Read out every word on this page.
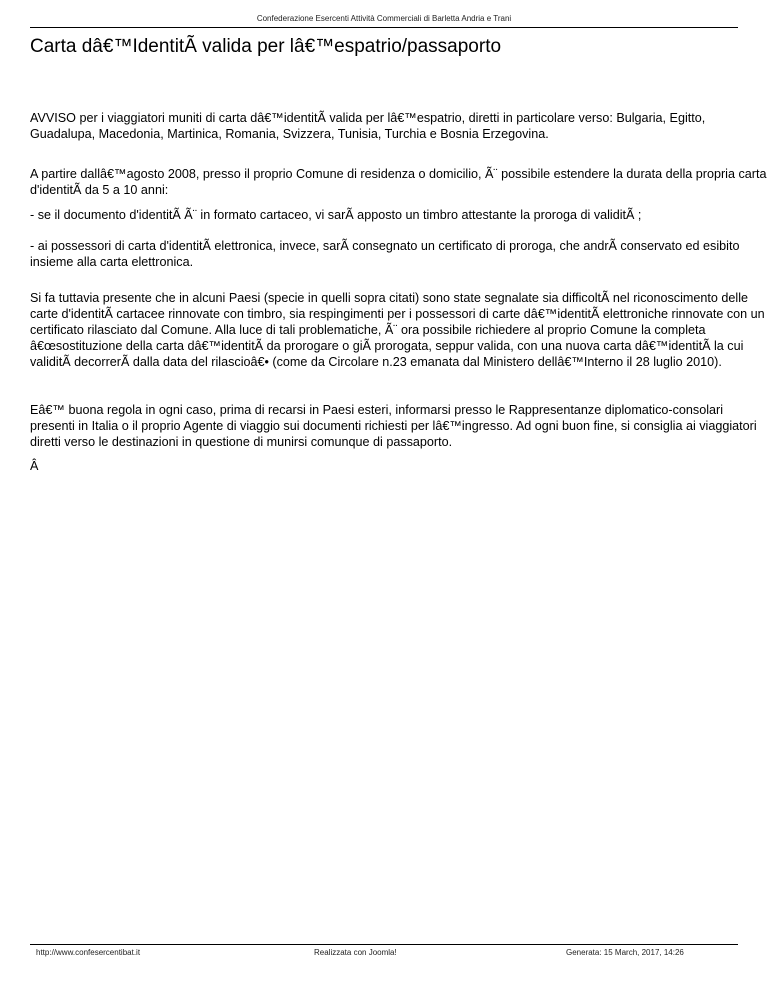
Confederazione Esercenti Attività Commerciali di Barletta Andria e Trani
Carta dâ€™IdentitÃ valida per lâ€™espatrio/passaporto

AVVISO per i viaggiatori muniti di carta dâ€™identitÃ valida per lâ€™espatrio, diretti in particolare verso: Bulgaria, Egitto, Guadalupa, Macedonia, Martinica, Romania, Svizzera, Tunisia, Turchia e Bosnia Erzegovina.

A partire dallâ€™agosto 2008, presso il proprio Comune di residenza o domicilio, Ã¨ possibile estendere la durata della propria carta d'identitÃ da 5 a 10 anni:

- se il documento d'identitÃ Ã¨ in formato cartaceo, vi sarÃ apposto un timbro attestante la proroga di validitÃ ;

- ai possessori di carta d'identitÃ elettronica, invece, sarÃ consegnato un certificato di proroga, che andrÃ conservato ed esibito insieme alla carta elettronica.

Si fa tuttavia presente che in alcuni Paesi (specie in quelli sopra citati) sono state segnalate sia difficoltÃ nel riconoscimento delle carte d'identitÃ cartacee rinnovate con timbro, sia respingimenti per i possessori di carte dâ€™identitÃ elettroniche rinnovate con un certificato rilasciato dal Comune. Alla luce di tali problematiche, Ã¨ ora possibile richiedere al proprio Comune la completa â€œsostituzione della carta dâ€™identitÃ da prorogare o giÃ prorogata, seppur valida, con una nuova carta dâ€™identitÃ la cui validitÃ decorrerÃ dalla data del rilascioâ€• (come da Circolare n.23 emanata dal Ministero dellâ€™Interno il 28 luglio 2010).

Eâ€™ buona regola in ogni caso, prima di recarsi in Paesi esteri, informarsi presso le Rappresentanze diplomatico-consolari presenti in Italia o il proprio Agente di viaggio sui documenti richiesti per lâ€™ingresso. Ad ogni buon fine, si consiglia ai viaggiatori diretti verso le destinazioni in questione di munirsi comunque di passaporto.

Â

http://www.confesercentibat.it	Realizzata con Joomla!	Generata: 15 March, 2017, 14:26
